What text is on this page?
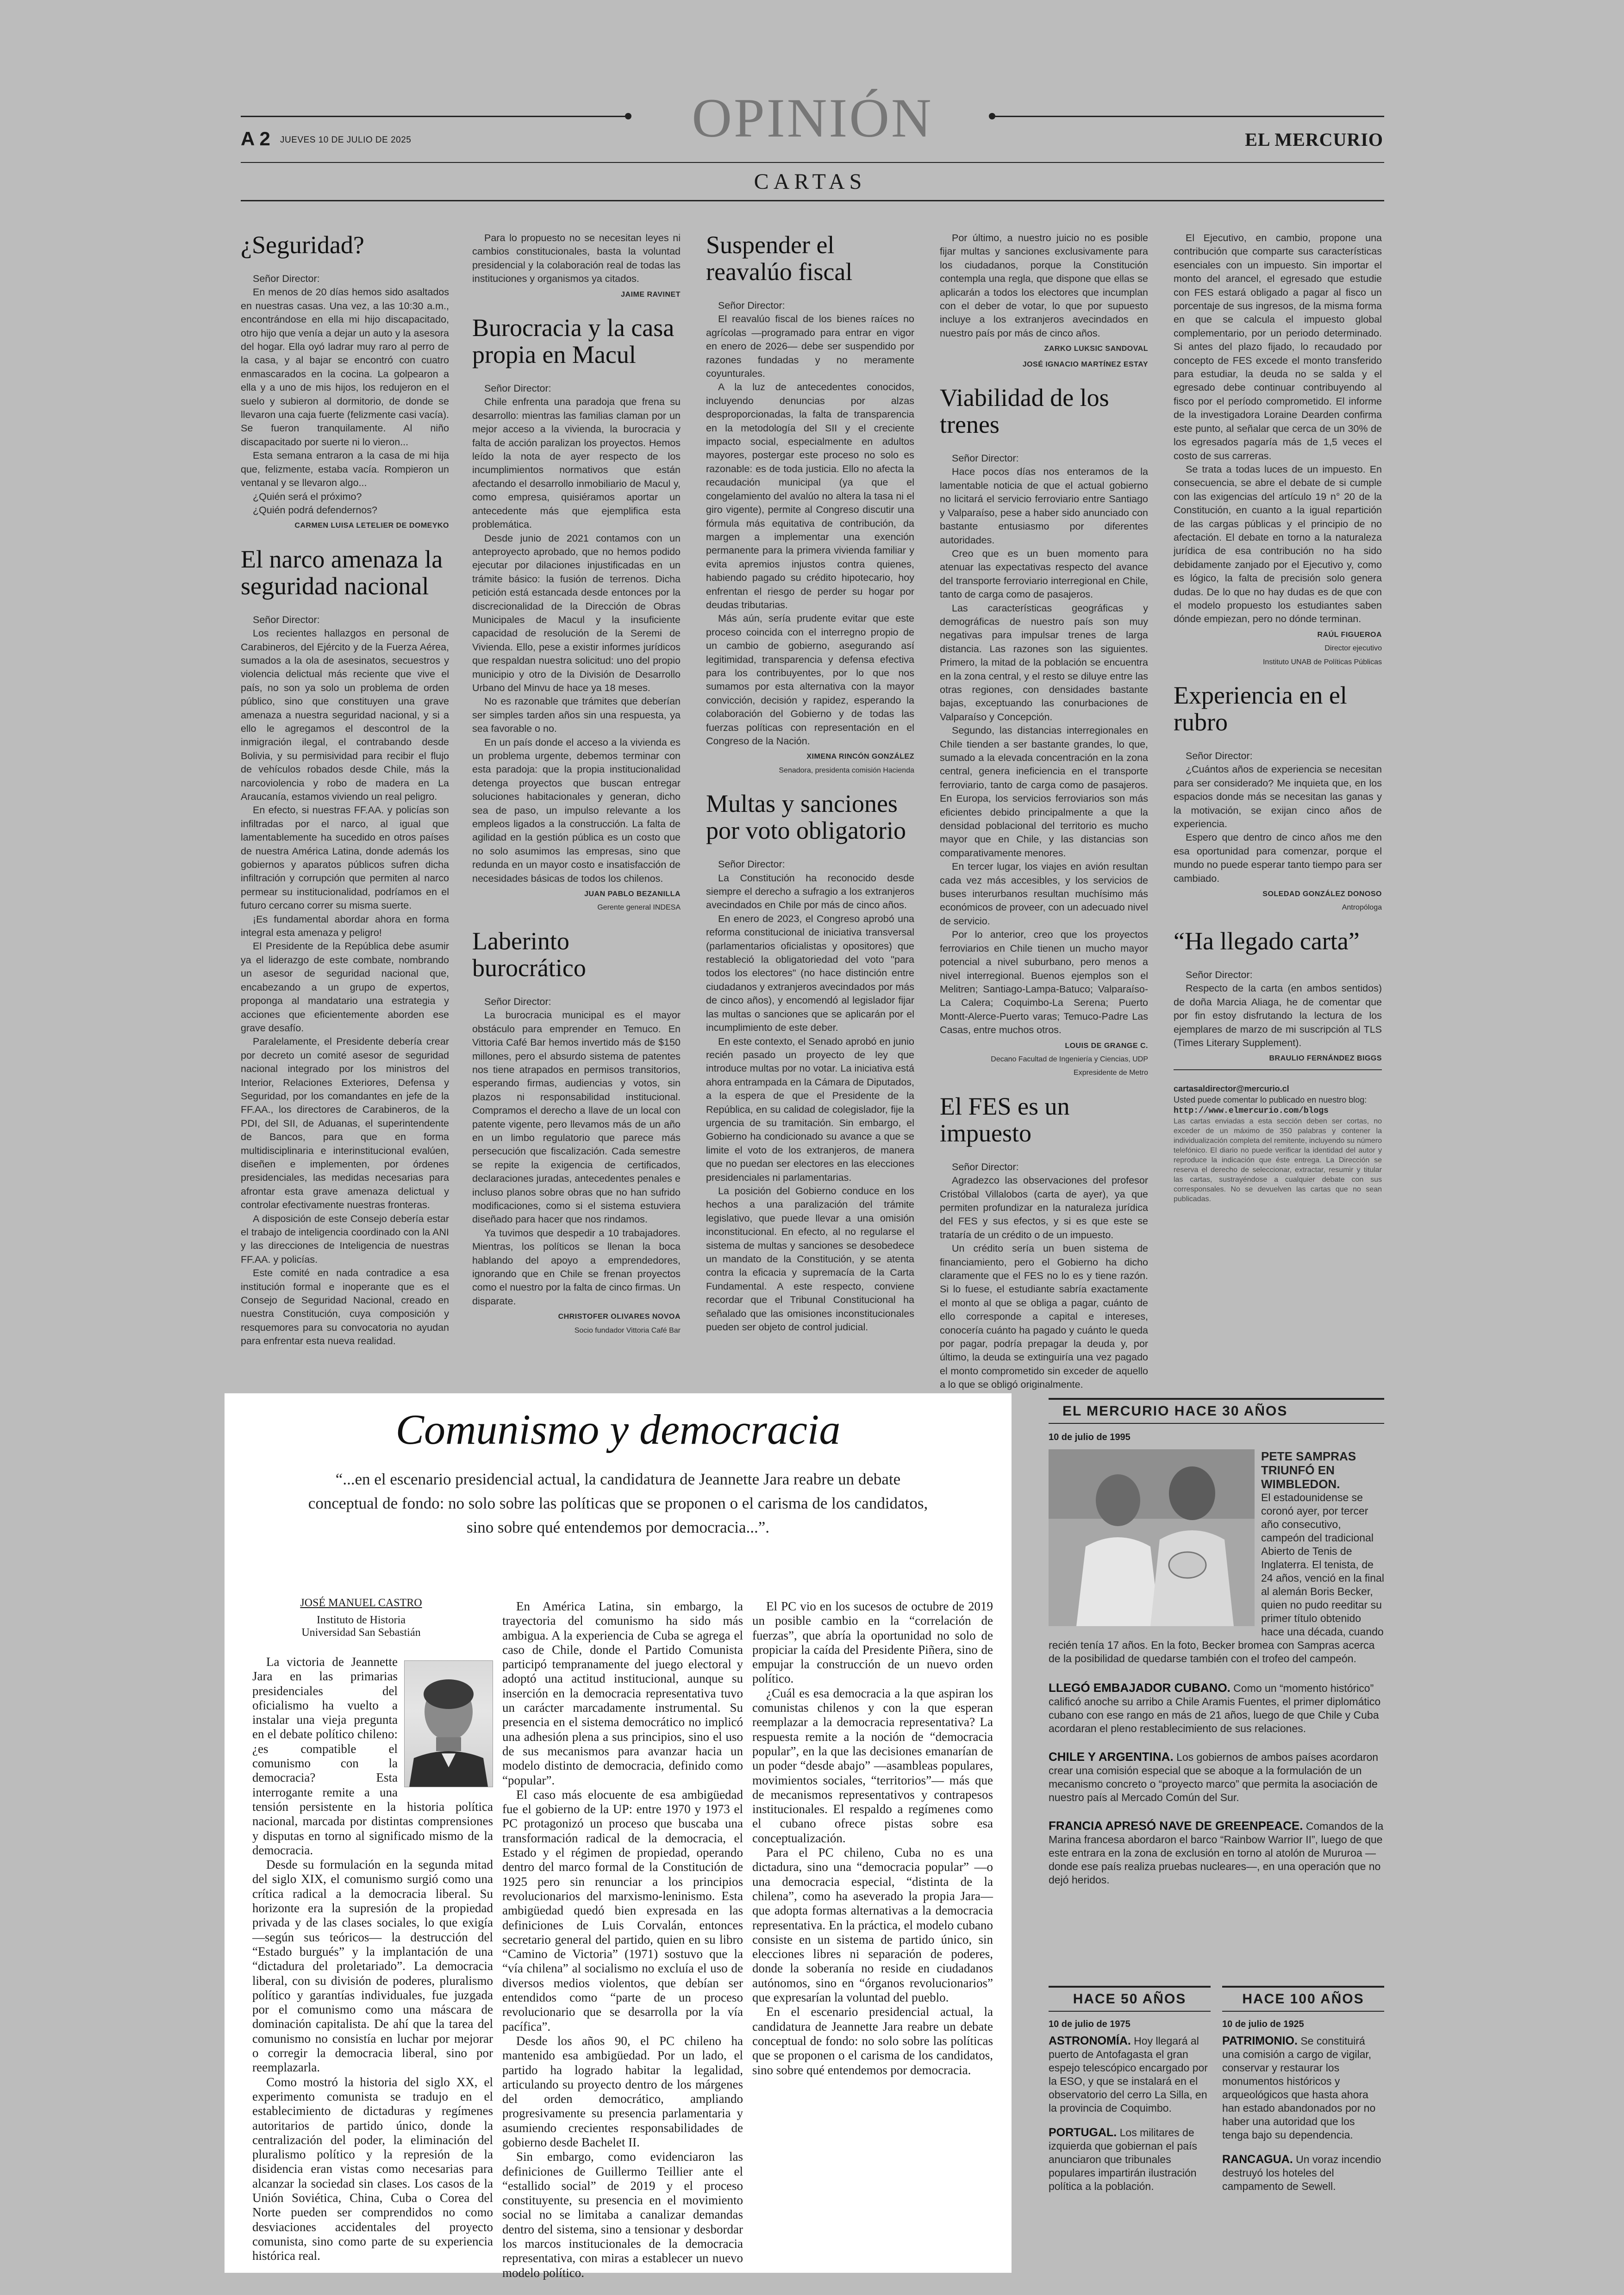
A 2 JUEVES 10 DE JULIO DE 2025	OPINIÓN	EL MERCURIO
CARTAS
¿Seguridad?

Señor Director:

En menos de 20 días hemos sido asaltados en nuestras casas. Una vez, a las 10:30 a.m., encontrándose en ella mi hijo discapacitado, otro hijo que venía a dejar un auto y la asesora del hogar. Ella oyó ladrar muy raro al perro de la casa, y al bajar se encontró con cuatro enmascarados en la cocina. La golpearon a ella y a uno de mis hijos, los redujeron en el suelo y subieron al dormitorio, de donde se llevaron una caja fuerte (felizmente casi vacía). Se fueron tranquilamente. Al niño discapacitado por suerte ni lo vieron...

Esta semana entraron a la casa de mi hija que, felizmente, estaba vacía. Rompieron un ventanal y se llevaron algo...

¿Quién será el próximo?

¿Quién podrá defendernos?

CARMEN LUISA LETELIER DE DOMEYKO
El narco amenaza la seguridad nacional

Señor Director:

Los recientes hallazgos en personal de Carabineros, del Ejército y de la Fuerza Aérea, sumados a la ola de asesinatos, secuestros y violencia delictual más reciente que vive el país, no son ya solo un problema de orden público, sino que constituyen una grave amenaza a nuestra seguridad nacional, y si a ello le agregamos el descontrol de la inmigración ilegal, el contrabando desde Bolivia, y su permisividad para recibir el flujo de vehículos robados desde Chile, más la narcoviolencia y robo de madera en La Araucanía, estamos viviendo un real peligro.

En efecto, si nuestras FF.AA. y policías son infiltradas por el narco, al igual que lamentablemente ha sucedido en otros países de nuestra América Latina, donde además los gobiernos y aparatos públicos sufren dicha infiltración y corrupción que permiten al narco permear su institucionalidad, podríamos en el futuro cercano correr su misma suerte.

¡Es fundamental abordar ahora en forma integral esta amenaza y peligro!

El Presidente de la República debe asumir ya el liderazgo de este combate, nombrando un asesor de seguridad nacional que, encabezando a un grupo de expertos, proponga al mandatario una estrategia y acciones que eficientemente aborden ese grave desafío.

Paralelamente, el Presidente debería crear por decreto un comité asesor de seguridad nacional integrado por los ministros del Interior, Relaciones Exteriores, Defensa y Seguridad, por los comandantes en jefe de la FF.AA., los directores de Carabineros, de la PDI, del SII, de Aduanas, el superintendente de Bancos, para que en forma multidisciplinaria e interinstitucional evalúen, diseñen e implementen, por órdenes presidenciales, las medidas necesarias para afrontar esta grave amenaza delictual y controlar efectivamente nuestras fronteras.

A disposición de este Consejo debería estar el trabajo de inteligencia coordinado con la ANI y las direcciones de Inteligencia de nuestras FF.AA. y policías.

Este comité en nada contradice a esa institución formal e inoperante que es el Consejo de Seguridad Nacional, creado en nuestra Constitución, cuya composición y resquemores para su convocatoria no ayudan para enfrentar esta nueva realidad.

Para lo propuesto no se necesitan leyes ni cambios constitucionales, basta la voluntad presidencial y la colaboración real de todas las instituciones y organismos ya citados.

JAIME RAVINET
Burocracia y la casa propia en Macul

Señor Director:

Chile enfrenta una paradoja que frena su desarrollo: mientras las familias claman por un mejor acceso a la vivienda, la burocracia y falta de acción paralizan los proyectos. Hemos leído la nota de ayer respecto de los incumplimientos normativos que están afectando el desarrollo inmobiliario de Macul y, como empresa, quisiéramos aportar un antecedente más que ejemplifica esta problemática.

Desde junio de 2021 contamos con un anteproyecto aprobado, que no hemos podido ejecutar por dilaciones injustificadas en un trámite básico: la fusión de terrenos. Dicha petición está estancada desde entonces por la discrecionalidad de la Dirección de Obras Municipales de Macul y la insuficiente capacidad de resolución de la Seremi de Vivienda. Ello, pese a existir informes jurídicos que respaldan nuestra solicitud: uno del propio municipio y otro de la División de Desarrollo Urbano del Minvu de hace ya 18 meses.

No es razonable que trámites que deberían ser simples tarden años sin una respuesta, ya sea favorable o no.

En un país donde el acceso a la vivienda es un problema urgente, debemos terminar con esta paradoja: que la propia institucionalidad detenga proyectos que buscan entregar soluciones habitacionales y generan, dicho sea de paso, un impulso relevante a los empleos ligados a la construcción. La falta de agilidad en la gestión pública es un costo que no solo asumimos las empresas, sino que redunda en un mayor costo e insatisfacción de necesidades básicas de todos los chilenos.

JUAN PABLO BEZANILLA
Gerente general INDESA
Laberinto burocrático

Señor Director:

La burocracia municipal es el mayor obstáculo para emprender en Temuco. En Vittoria Café Bar hemos invertido más de $150 millones, pero el absurdo sistema de patentes nos tiene atrapados en permisos transitorios, esperando firmas, audiencias y votos, sin plazos ni responsabilidad institucional. Compramos el derecho a llave de un local con patente vigente, pero llevamos más de un año en un limbo regulatorio que parece más persecución que fiscalización. Cada semestre se repite la exigencia de certificados, declaraciones juradas, antecedentes penales e incluso planos sobre obras que no han sufrido modificaciones, como si el sistema estuviera diseñado para hacer que nos rindamos.

Ya tuvimos que despedir a 10 trabajadores. Mientras, los políticos se llenan la boca hablando del apoyo a emprendedores, ignorando que en Chile se frenan proyectos como el nuestro por la falta de cinco firmas. Un disparate.

CHRISTOFER OLIVARES NOVOA
Socio fundador Vittoria Café Bar
Suspender el reavalúo fiscal

Señor Director:

El reavalúo fiscal de los bienes raíces no agrícolas —programado para entrar en vigor en enero de 2026— debe ser suspendido por razones fundadas y no meramente coyunturales.

A la luz de antecedentes conocidos, incluyendo denuncias por alzas desproporcionadas, la falta de transparencia en la metodología del SII y el creciente impacto social, especialmente en adultos mayores, postergar este proceso no solo es razonable: es de toda justicia. Ello no afecta la recaudación municipal (ya que el congelamiento del avalúo no altera la tasa ni el giro vigente), permite al Congreso discutir una fórmula más equitativa de contribución, da margen a implementar una exención permanente para la primera vivienda familiar y evita apremios injustos contra quienes, habiendo pagado su crédito hipotecario, hoy enfrentan el riesgo de perder su hogar por deudas tributarias.

Más aún, sería prudente evitar que este proceso coincida con el interregno propio de un cambio de gobierno, asegurando así legitimidad, transparencia y defensa efectiva para los contribuyentes, por lo que nos sumamos por esta alternativa con la mayor convicción, decisión y rapidez, esperando la colaboración del Gobierno y de todas las fuerzas políticas con representación en el Congreso de la Nación.

XIMENA RINCÓN GONZÁLEZ
Senadora, presidenta comisión Hacienda
Multas y sanciones por voto obligatorio

Señor Director:

La Constitución ha reconocido desde siempre el derecho a sufragio a los extranjeros avecindados en Chile por más de cinco años.

En enero de 2023, el Congreso aprobó una reforma constitucional de iniciativa transversal (parlamentarios oficialistas y opositores) que restableció la obligatoriedad del voto "para todos los electores" (no hace distinción entre ciudadanos y extranjeros avecindados por más de cinco años), y encomendó al legislador fijar las multas o sanciones que se aplicarán por el incumplimiento de este deber.

En este contexto, el Senado aprobó en junio recién pasado un proyecto de ley que introduce multas por no votar. La iniciativa está ahora entrampada en la Cámara de Diputados, a la espera de que el Presidente de la República, en su calidad de colegislador, fije la urgencia de su tramitación. Sin embargo, el Gobierno ha condicionado su avance a que se limite el voto de los extranjeros, de manera que no puedan ser electores en las elecciones presidenciales ni parlamentarias.

La posición del Gobierno conduce en los hechos a una paralización del trámite legislativo, que puede llevar a una omisión inconstitucional. En efecto, al no regularse el sistema de multas y sanciones se desobedece un mandato de la Constitución, y se atenta contra la eficacia y supremacía de la Carta Fundamental. A este respecto, conviene recordar que el Tribunal Constitucional ha señalado que las omisiones inconstitucionales pueden ser objeto de control judicial.

Por último, a nuestro juicio no es posible fijar multas y sanciones exclusivamente para los ciudadanos, porque la Constitución contempla una regla, que dispone que ellas se aplicarán a todos los electores que incumplan con el deber de votar, lo que por supuesto incluye a los extranjeros avecindados en nuestro país por más de cinco años.

ZARKO LUKSIC SANDOVAL
JOSÉ IGNACIO MARTÍNEZ ESTAY
Viabilidad de los trenes

Señor Director:

Hace pocos días nos enteramos de la lamentable noticia de que el actual gobierno no licitará el servicio ferroviario entre Santiago y Valparaíso, pese a haber sido anunciado con bastante entusiasmo por diferentes autoridades.

Creo que es un buen momento para atenuar las expectativas respecto del avance del transporte ferroviario interregional en Chile, tanto de carga como de pasajeros.

Las características geográficas y demográficas de nuestro país son muy negativas para impulsar trenes de larga distancia. Las razones son las siguientes. Primero, la mitad de la población se encuentra en la zona central, y el resto se diluye entre las otras regiones, con densidades bastante bajas, exceptuando las conurbaciones de Valparaíso y Concepción.

Segundo, las distancias interregionales en Chile tienden a ser bastante grandes, lo que, sumado a la elevada concentración en la zona central, genera ineficiencia en el transporte ferroviario, tanto de carga como de pasajeros. En Europa, los servicios ferroviarios son más eficientes debido principalmente a que la densidad poblacional del territorio es mucho mayor que en Chile, y las distancias son comparativamente menores.

En tercer lugar, los viajes en avión resultan cada vez más accesibles, y los servicios de buses interurbanos resultan muchísimo más económicos de proveer, con un adecuado nivel de servicio.

Por lo anterior, creo que los proyectos ferroviarios en Chile tienen un mucho mayor potencial a nivel suburbano, pero menos a nivel interregional. Buenos ejemplos son el Melitren; Santiago-Lampa-Batuco; Valparaíso-La Calera; Coquimbo-La Serena; Puerto Montt-Alerce-Puerto varas; Temuco-Padre Las Casas, entre muchos otros.

LOUIS DE GRANGE C.
Decano Facultad de Ingeniería y Ciencias, UDP
Expresidente de Metro
El FES es un impuesto

Señor Director:

Agradezco las observaciones del profesor Cristóbal Villalobos (carta de ayer), ya que permiten profundizar en la naturaleza jurídica del FES y sus efectos, y si es que este se trataría de un crédito o de un impuesto.

Un crédito sería un buen sistema de financiamiento, pero el Gobierno ha dicho claramente que el FES no lo es y tiene razón. Si lo fuese, el estudiante sabría exactamente el monto al que se obliga a pagar, cuánto de ello corresponde a capital e intereses, conocería cuánto ha pagado y cuánto le queda por pagar, podría prepagar la deuda y, por último, la deuda se extinguiría una vez pagado el monto comprometido sin exceder de aquello a lo que se obligó originalmente.

El Ejecutivo, en cambio, propone una contribución que comparte sus características esenciales con un impuesto. Sin importar el monto del arancel, el egresado que estudie con FES estará obligado a pagar al fisco un porcentaje de sus ingresos, de la misma forma en que se calcula el impuesto global complementario, por un periodo determinado. Si antes del plazo fijado, lo recaudado por concepto de FES excede el monto transferido para estudiar, la deuda no se salda y el egresado debe continuar contribuyendo al fisco por el período comprometido. El informe de la investigadora Loraine Dearden confirma este punto, al señalar que cerca de un 30% de los egresados pagaría más de 1,5 veces el costo de sus carreras.

Se trata a todas luces de un impuesto. En consecuencia, se abre el debate de si cumple con las exigencias del artículo 19 n° 20 de la Constitución, en cuanto a la igual repartición de las cargas públicas y el principio de no afectación. El debate en torno a la naturaleza jurídica de esa contribución no ha sido debidamente zanjado por el Ejecutivo y, como es lógico, la falta de precisión solo genera dudas. De lo que no hay dudas es de que con el modelo propuesto los estudiantes saben dónde empiezan, pero no dónde terminan.

RAÚL FIGUEROA
Director ejecutivo
Instituto UNAB de Políticas Públicas
Experiencia en el rubro

Señor Director:

¿Cuántos años de experiencia se necesitan para ser considerado? Me inquieta que, en los espacios donde más se necesitan las ganas y la motivación, se exijan cinco años de experiencia.

Espero que dentro de cinco años me den esa oportunidad para comenzar, porque el mundo no puede esperar tanto tiempo para ser cambiado.

SOLEDAD GONZÁLEZ DONOSO
Antropóloga
“Ha llegado carta”

Señor Director:

Respecto de la carta (en ambos sentidos) de doña Marcia Aliaga, he de comentar que por fin estoy disfrutando la lectura de los ejemplares de marzo de mi suscripción al TLS (Times Literary Supplement).

BRAULIO FERNÁNDEZ BIGGS
cartasaldirector@mercurio.cl
Usted puede comentar lo publicado en nuestro blog:
http://www.elmercurio.com/blogs
Las cartas enviadas a esta sección deben ser cortas, no exceder de un máximo de 350 palabras y contener la individualización completa del remitente, incluyendo su número telefónico. El diario no puede verificar la identidad del autor y reproduce la indicación que éste entrega. La Dirección se reserva el derecho de seleccionar, extractar, resumir y titular las cartas, sustrayéndose a cualquier debate con sus corresponsales. No se devuelven las cartas que no sean publicadas.
Comunismo y democracia
“...en el escenario presidencial actual, la candidatura de Jeannette Jara reabre un debate conceptual de fondo: no solo sobre las políticas que se proponen o el carisma de los candidatos, sino sobre qué entendemos por democracia...”.
JOSÉ MANUEL CASTRO
Instituto de Historia
Universidad San Sebastián

La victoria de Jeannette Jara en las primarias presidenciales del oficialismo ha vuelto a instalar una vieja pregunta en el debate político chileno: ¿es compatible el comunismo con la democracia? Esta interrogante remite a una tensión persistente en la historia política nacional, marcada por distintas comprensiones y disputas en torno al significado mismo de la democracia.

Desde su formulación en la segunda mitad del siglo XIX, el comunismo surgió como una crítica radical a la democracia liberal. Su horizonte era la supresión de la propiedad privada y de las clases sociales, lo que exigía —según sus teóricos— la destrucción del “Estado burgués” y la implantación de una “dictadura del proletariado”. La democracia liberal, con su división de poderes, pluralismo político y garantías individuales, fue juzgada por el comunismo como una máscara de dominación capitalista. De ahí que la tarea del comunismo no consistía en luchar por mejorar o corregir la democracia liberal, sino por reemplazarla.

Como mostró la historia del siglo XX, el experimento comunista se tradujo en el establecimiento de dictaduras y regímenes autoritarios de partido único, donde la centralización del poder, la eliminación del pluralismo político y la represión de la disidencia eran vistas como necesarias para alcanzar la sociedad sin clases. Los casos de la Unión Soviética, China, Cuba o Corea del Norte pueden ser comprendidos no como desviaciones accidentales del proyecto comunista, sino como parte de su experiencia histórica real.

En América Latina, sin embargo, la trayectoria del comunismo ha sido más ambigua. A la experiencia de Cuba se agrega el caso de Chile, donde el Partido Comunista participó tempranamente del juego electoral y adoptó una actitud institucional, aunque su inserción en la democracia representativa tuvo un carácter marcadamente instrumental. Su presencia en el sistema democrático no implicó una adhesión plena a sus principios, sino el uso de sus mecanismos para avanzar hacia un modelo distinto de democracia, definido como “popular”.

El caso más elocuente de esa ambigüedad fue el gobierno de la UP: entre 1970 y 1973 el PC protagonizó un proceso que buscaba una transformación radical de la democracia, el Estado y el régimen de propiedad, operando dentro del marco formal de la Constitución de 1925 pero sin renunciar a los principios revolucionarios del marxismo-leninismo. Esta ambigüedad quedó bien expresada en las definiciones de Luis Corvalán, entonces secretario general del partido, quien en su libro “Camino de Victoria” (1971) sostuvo que la “vía chilena” al socialismo no excluía el uso de diversos medios violentos, que debían ser entendidos como “parte de un proceso revolucionario que se desarrolla por la vía pacífica”.

Desde los años 90, el PC chileno ha mantenido esa ambigüedad. Por un lado, el partido ha logrado habitar la legalidad, articulando su proyecto dentro de los márgenes del orden democrático, ampliando progresivamente su presencia parlamentaria y asumiendo crecientes responsabilidades de gobierno desde Bachelet II.

Sin embargo, como evidenciaron las definiciones de Guillermo Teillier ante el “estallido social” de 2019 y el proceso constituyente, su presencia en el movimiento social no se limitaba a canalizar demandas dentro del sistema, sino a tensionar y desbordar los marcos institucionales de la democracia representativa, con miras a establecer un nuevo modelo político.

El PC vio en los sucesos de octubre de 2019 un posible cambio en la “correlación de fuerzas”, que abría la oportunidad no solo de propiciar la caída del Presidente Piñera, sino de empujar la construcción de un nuevo orden político.

¿Cuál es esa democracia a la que aspiran los comunistas chilenos y con la que esperan reemplazar a la democracia representativa? La respuesta remite a la noción de “democracia popular”, en la que las decisiones emanarían de un poder “desde abajo” —asambleas populares, movimientos sociales, “territorios”— más que de mecanismos representativos y contrapesos institucionales. El respaldo a regímenes como el cubano ofrece pistas sobre esa conceptualización.

Para el PC chileno, Cuba no es una dictadura, sino una “democracia popular” —o una democracia especial, “distinta de la chilena”, como ha aseverado la propia Jara— que adopta formas alternativas a la democracia representativa. En la práctica, el modelo cubano consiste en un sistema de partido único, sin elecciones libres ni separación de poderes, donde la soberanía no reside en ciudadanos autónomos, sino en “órganos revolucionarios” que expresarían la voluntad del pueblo.

En el escenario presidencial actual, la candidatura de Jeannette Jara reabre un debate conceptual de fondo: no solo sobre las políticas que se proponen o el carisma de los candidatos, sino sobre qué entendemos por democracia.

EL MERCURIO HACE 30 AÑOS
10 de julio de 1995
PETE SAMPRAS TRIUNFÓ EN WIMBLEDON.
El estadounidense se coronó ayer, por tercer año consecutivo, campeón del tradicional Abierto de Tenis de Inglaterra. El tenista, de 24 años, venció en la final al alemán Boris Becker, quien no pudo reeditar su primer título obtenido hace una década, cuando recién tenía 17 años. En la foto, Becker bromea con Sampras acerca de la posibilidad de quedarse también con el trofeo del campeón.
LLEGÓ EMBAJADOR CUBANO. Como un “momento histórico” calificó anoche su arribo a Chile Aramis Fuentes, el primer diplomático cubano con ese rango en más de 21 años, luego de que Chile y Cuba acordaran el pleno restablecimiento de sus relaciones.
CHILE Y ARGENTINA. Los gobiernos de ambos países acordaron crear una comisión especial que se aboque a la formulación de un mecanismo concreto o “proyecto marco” que permita la asociación de nuestro país al Mercado Común del Sur.
FRANCIA APRESÓ NAVE DE GREENPEACE. Comandos de la Marina francesa abordaron el barco “Rainbow Warrior II”, luego de que este entrara en la zona de exclusión en torno al atolón de Mururoa —donde ese país realiza pruebas nucleares—, en una operación que no dejó heridos.
HACE 50 AÑOS
10 de julio de 1975
ASTRONOMÍA. Hoy llegará al puerto de Antofagasta el gran espejo telescópico encargado por la ESO, y que se instalará en el observatorio del cerro La Silla, en la provincia de Coquimbo.
PORTUGAL. Los militares de izquierda que gobiernan el país anunciaron que tribunales populares impartirán ilustración política a la población.
HACE 100 AÑOS
10 de julio de 1925
PATRIMONIO. Se constituirá una comisión a cargo de vigilar, conservar y restaurar los monumentos históricos y arqueológicos que hasta ahora han estado abandonados por no haber una autoridad que los tenga bajo su dependencia.
RANCAGUA. Un voraz incendio destruyó los hoteles del campamento de Sewell.
